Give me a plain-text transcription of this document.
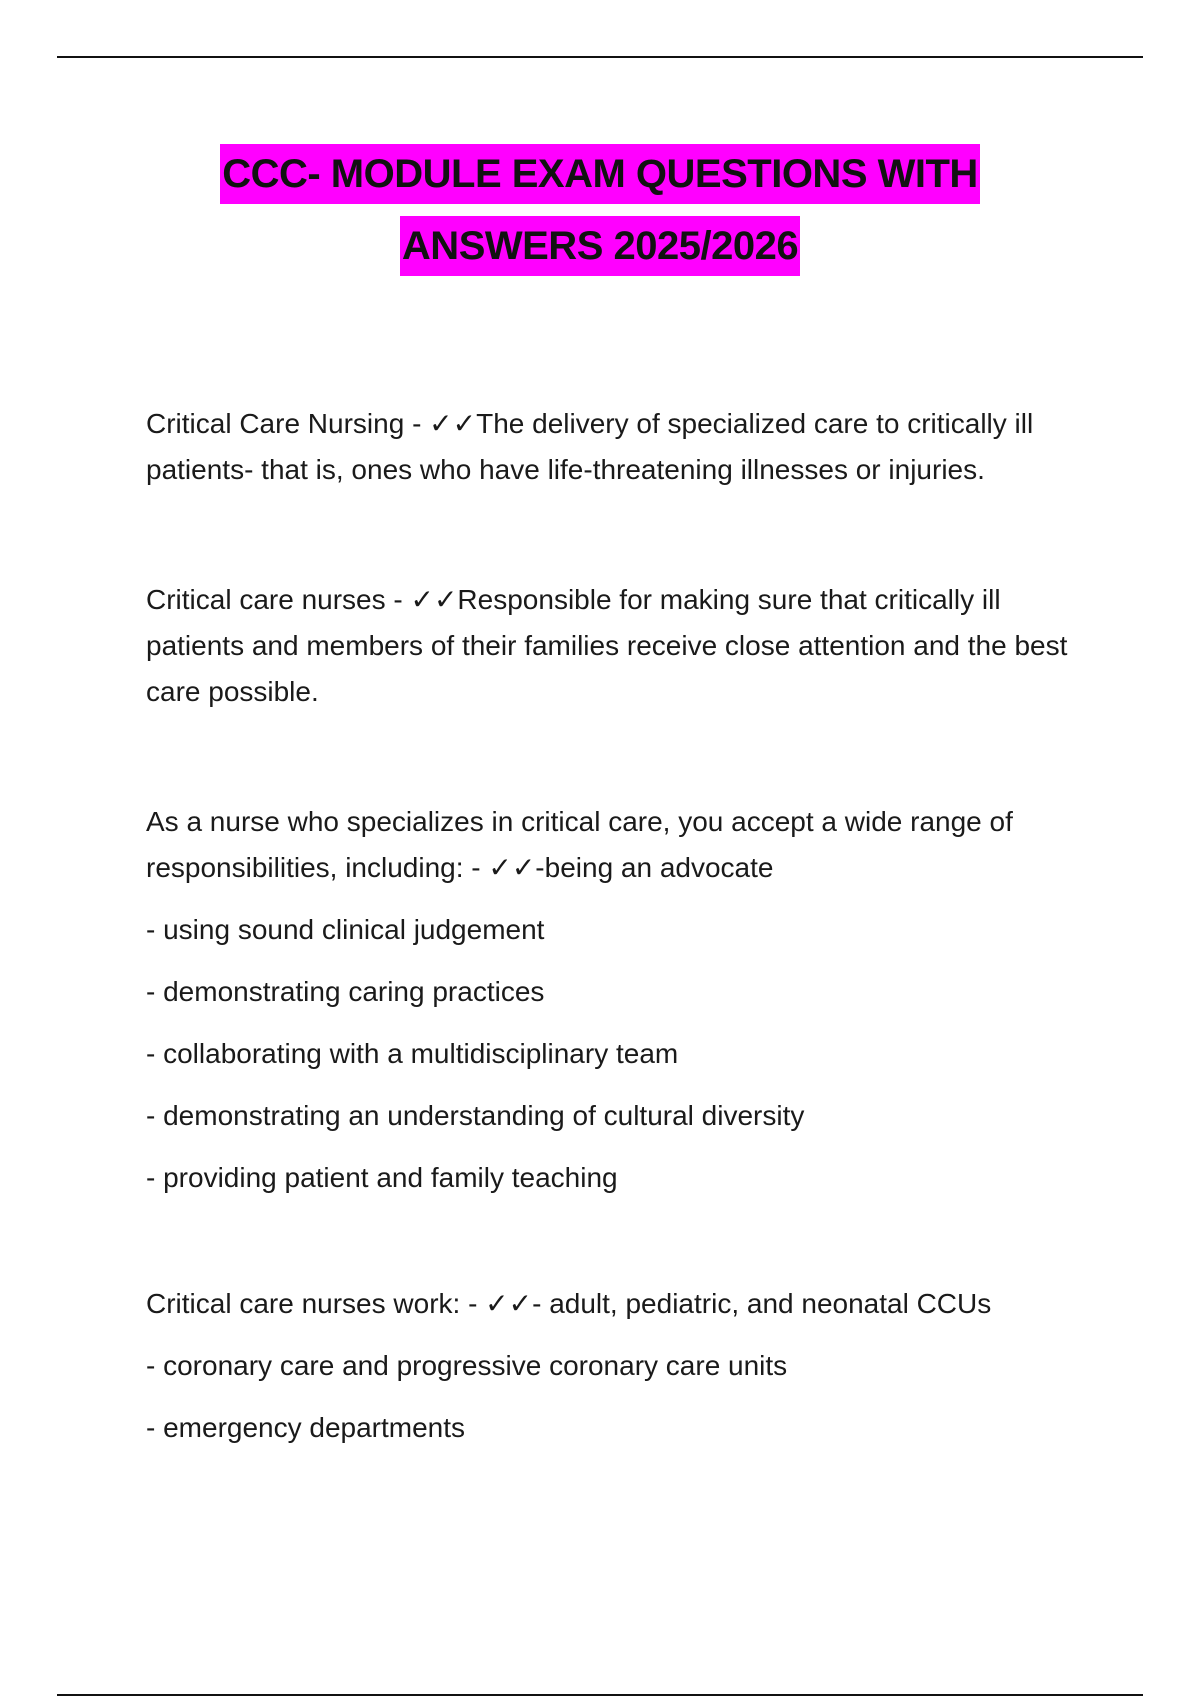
CCC- MODULE EXAM QUESTIONS WITH
ANSWERS 2025/2026

Critical Care Nursing - ✓✓The delivery of specialized care to critically ill patients- that is, ones who have life-threatening illnesses or injuries.

Critical care nurses - ✓✓Responsible for making sure that critically ill patients and members of their families receive close attention and the best care possible.

As a nurse who specializes in critical care, you accept a wide range of responsibilities, including: - ✓✓-being an advocate

- using sound clinical judgement

- demonstrating caring practices

- collaborating with a multidisciplinary team

- demonstrating an understanding of cultural diversity

- providing patient and family teaching

Critical care nurses work: - ✓✓- adult, pediatric, and neonatal CCUs

- coronary care and progressive coronary care units

- emergency departments
